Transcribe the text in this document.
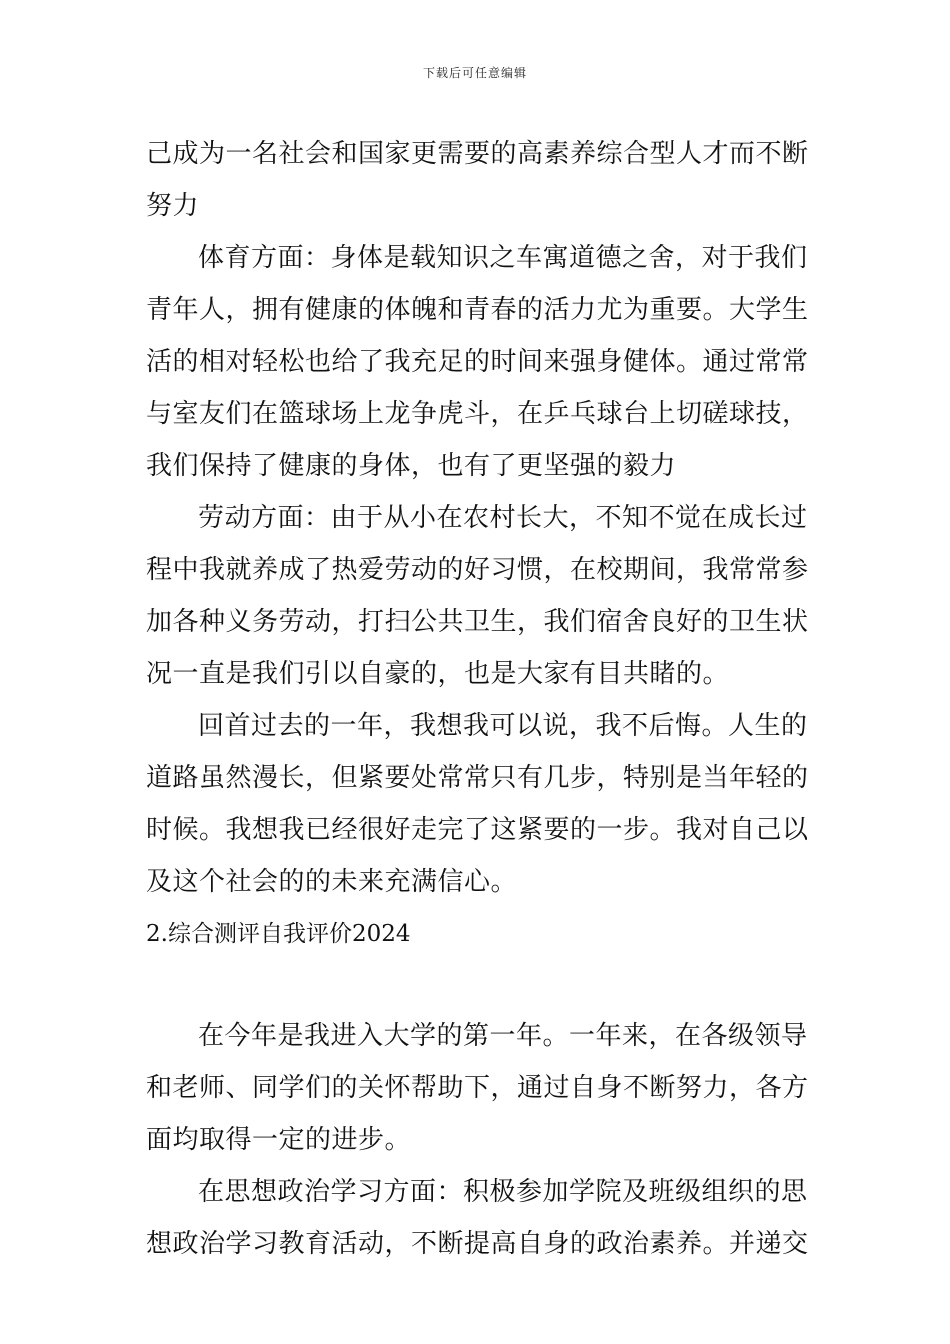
下载后可任意编辑
己成为一名社会和国家更需要的高素养综合型人才而不断
努力
体育方面：身体是载知识之车寓道德之舍，对于我们
青年人，拥有健康的体魄和青春的活力尤为重要。大学生
活的相对轻松也给了我充足的时间来强身健体。通过常常
与室友们在篮球场上龙争虎斗，在乒乓球台上切磋球技，
我们保持了健康的身体，也有了更坚强的毅力
劳动方面：由于从小在农村长大，不知不觉在成长过
程中我就养成了热爱劳动的好习惯，在校期间，我常常参
加各种义务劳动，打扫公共卫生，我们宿舍良好的卫生状
况一直是我们引以自豪的，也是大家有目共睹的。
回首过去的一年，我想我可以说，我不后悔。人生的
道路虽然漫长，但紧要处常常只有几步，特别是当年轻的
时候。我想我已经很好走完了这紧要的一步。我对自己以
及这个社会的的未来充满信心。
2.综合测评自我评价2024
在今年是我进入大学的第一年。一年来，在各级领导
和老师、同学们的关怀帮助下，通过自身不断努力，各方
面均取得一定的进步。
在思想政治学习方面：积极参加学院及班级组织的思
想政治学习教育活动，不断提高自身的政治素养。并递交
